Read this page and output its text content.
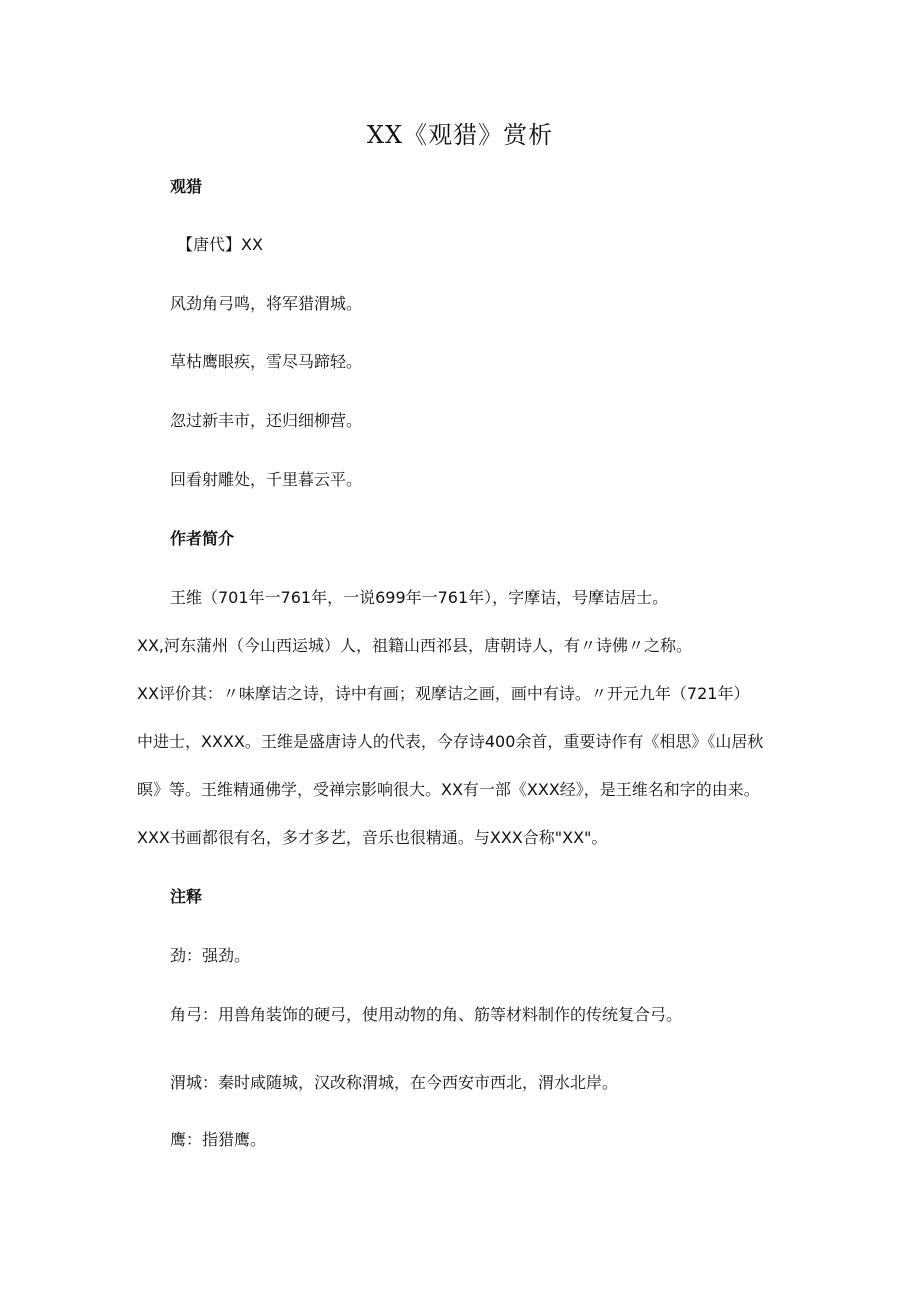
XX《观猎》赏析
观猎
【唐代】XX
风劲角弓鸣，将军猎渭城。
草枯鹰眼疾，雪尽马蹄轻。
忽过新丰市，还归细柳营。
回看射雕处，千里暮云平。
作者简介
王维（701年一761年，一说699年一761年），字摩诘，号摩诘居士。
XX,河东蒲州（今山西运城）人，祖籍山西祁县，唐朝诗人，有〃诗佛〃之称。
XX评价其：〃味摩诘之诗，诗中有画；观摩诘之画，画中有诗。〃开元九年（721年）
中进士，XXXX。王维是盛唐诗人的代表，今存诗400余首，重要诗作有《相思》《山居秋
暝》等。王维精通佛学，受禅宗影响很大。XX有一部《XXX经》，是王维名和字的由来。
XXX书画都很有名，多才多艺，音乐也很精通。与XXX合称"XX"。
注释
劲：强劲。
角弓：用兽角装饰的硬弓，使用动物的角、筋等材料制作的传统复合弓。
渭城：秦时咸随城，汉改称渭城，在今西安市西北，渭水北岸。
鹰：指猎鹰。
